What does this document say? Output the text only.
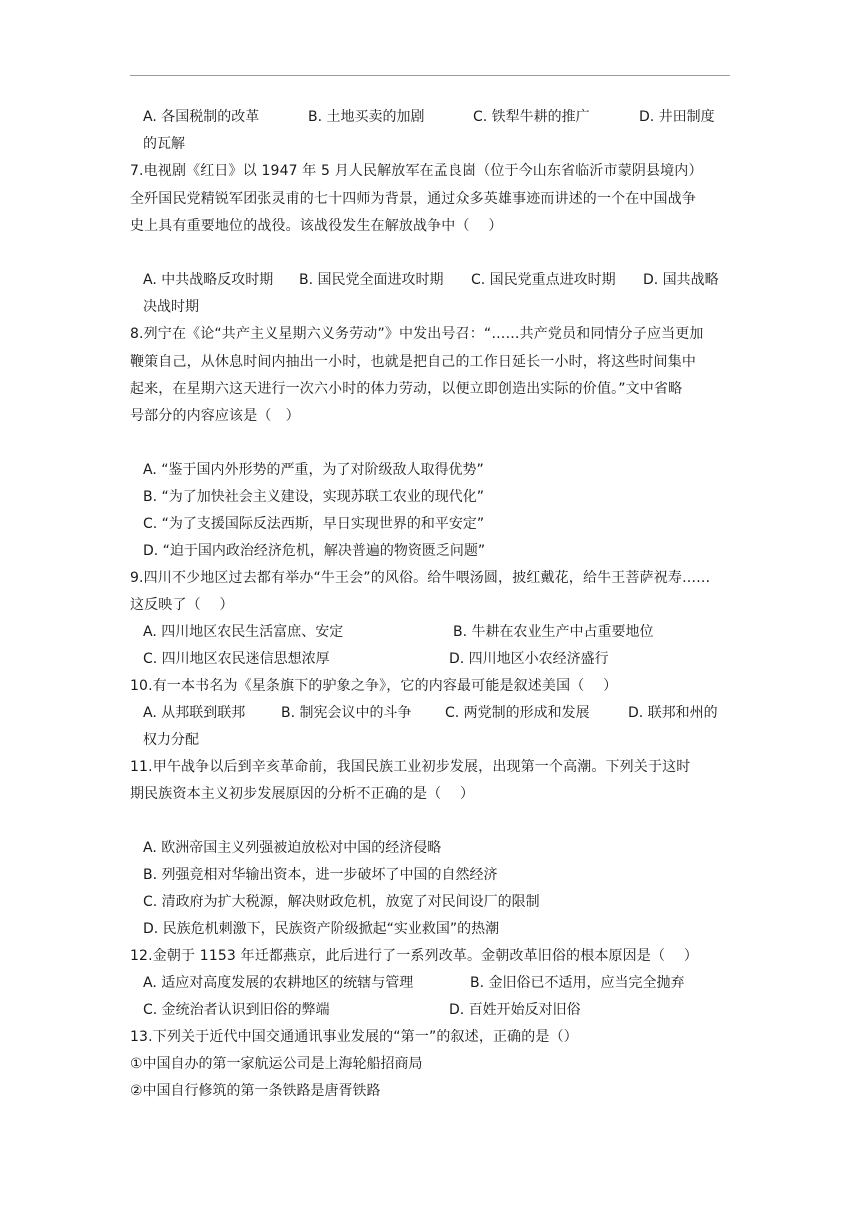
A. 各国税制的改革	B. 土地买卖的加剧	C. 铁犁牛耕的推广	D. 井田制度
的瓦解
7.电视剧《红日》以 1947 年 5 月人民解放军在孟良崮（位于今山东省临沂市蒙阴县境内）
全歼国民党精锐军团张灵甫的七十四师为背景，通过众多英雄事迹而讲述的一个在中国战争
史上具有重要地位的战役。该战役发生在解放战争中（　 ）
A. 中共战略反攻时期 B. 国民党全面进攻时期 C. 国民党重点进攻时期 D. 国共战略
决战时期
8.列宁在《论“共产主义星期六义务劳动”》中发出号召：“……共产党员和同情分子应当更加
鞭策自己，从休息时间内抽出一小时，也就是把自己的工作日延长一小时，将这些时间集中
起来，在星期六这天进行一次六小时的体力劳动，以便立即创造出实际的价值。”文中省略
号部分的内容应该是（　）
A. “鉴于国内外形势的严重，为了对阶级敌人取得优势”
B. “为了加快社会主义建设，实现苏联工农业的现代化”
C. “为了支援国际反法西斯，早日实现世界的和平安定”
D. “迫于国内政治经济危机，解决普遍的物资匮乏问题”
9.四川不少地区过去都有举办“牛王会”的风俗。给牛喂汤圆，披红戴花，给牛王菩萨祝寿……
这反映了（　 ）
A. 四川地区农民生活富庶、安定	B. 牛耕在农业生产中占重要地位
C. 四川地区农民迷信思想浓厚	D. 四川地区小农经济盛行
10.有一本书名为《星条旗下的驴象之争》，它的内容最可能是叙述美国（　 ）
A. 从邦联到联邦	B. 制宪会议中的斗争 C. 两党制的形成和发展	D. 联邦和州的
权力分配
11.甲午战争以后到辛亥革命前，我国民族工业初步发展，出现第一个高潮。下列关于这时
期民族资本主义初步发展原因的分析不正确的是（　 ）
A. 欧洲帝国主义列强被迫放松对中国的经济侵略
B. 列强竞相对华输出资本，进一步破坏了中国的自然经济
C. 清政府为扩大税源，解决财政危机，放宽了对民间设厂的限制
D. 民族危机刺激下，民族资产阶级掀起“实业救国”的热潮
12.金朝于 1153 年迁都燕京，此后进行了一系列改革。金朝改革旧俗的根本原因是（　 ）
A. 适应对高度发展的农耕地区的统辖与管理	B. 金旧俗已不适用，应当完全抛弃
C. 金统治者认识到旧俗的弊端	D. 百姓开始反对旧俗
13.下列关于近代中国交通通讯事业发展的“第一”的叙述，正确的是（）
①中国自办的第一家航运公司是上海轮船招商局
②中国自行修筑的第一条铁路是唐胥铁路
